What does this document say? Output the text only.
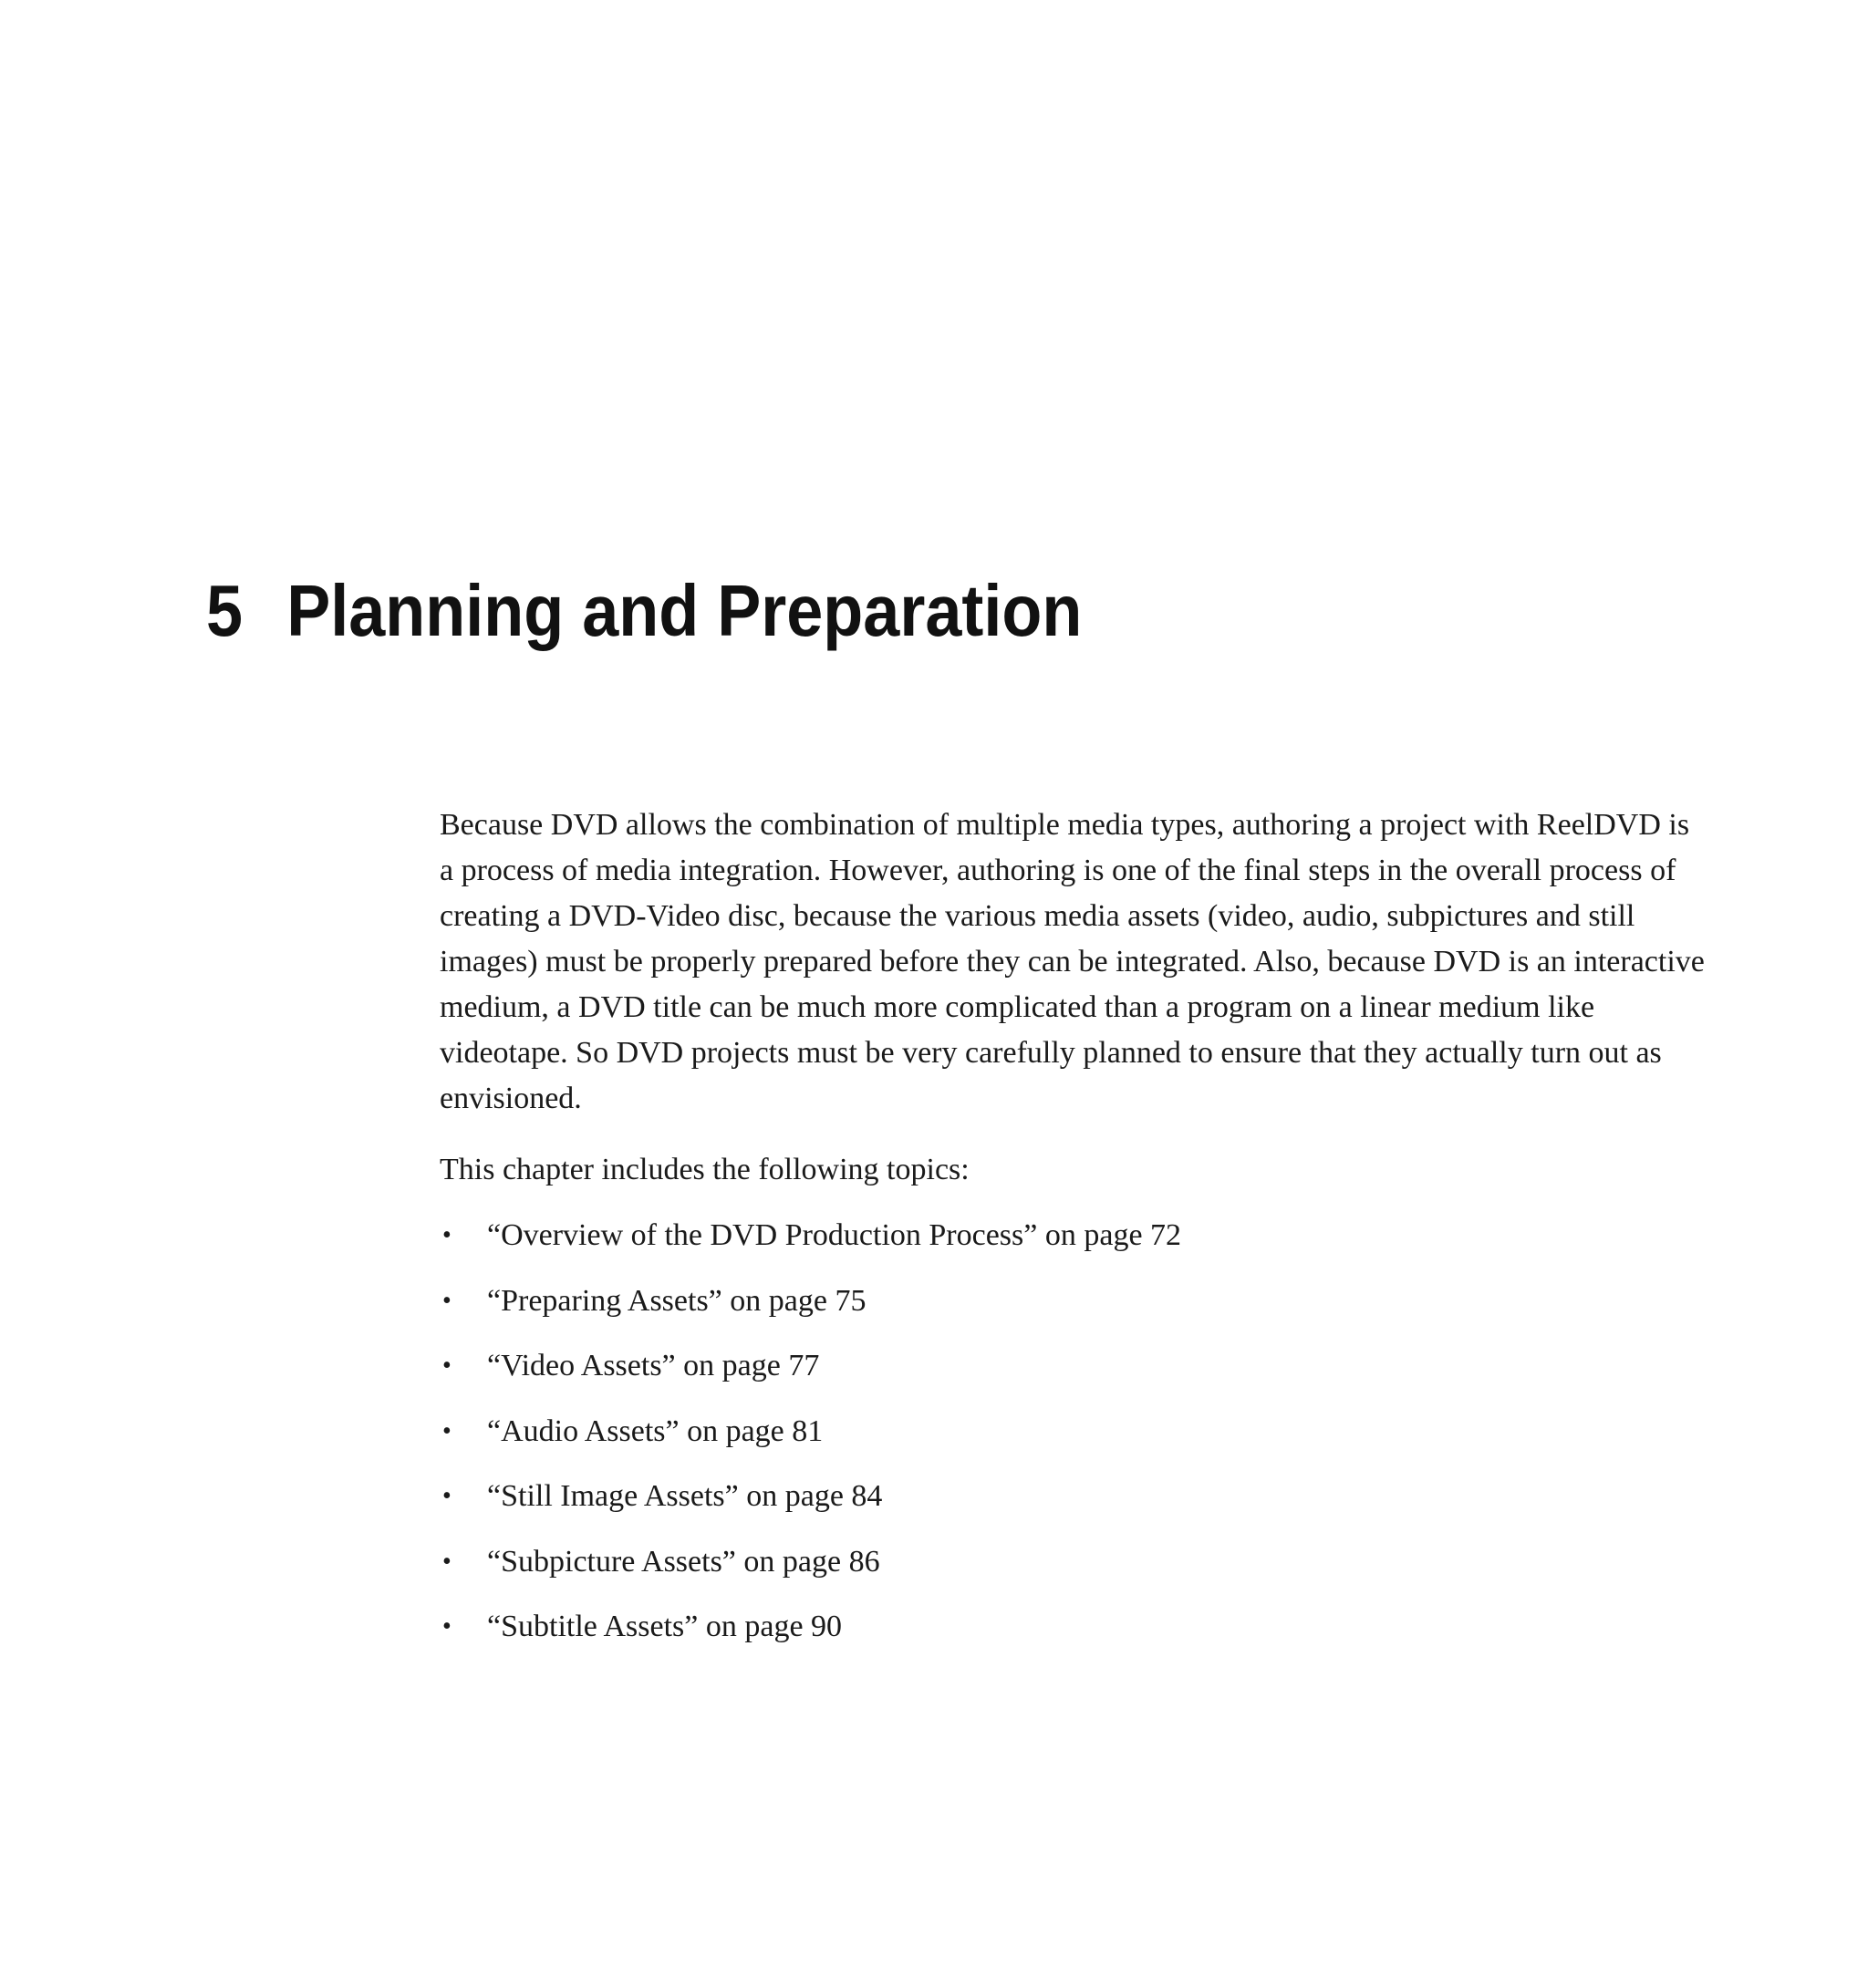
5 Planning and Preparation

Because DVD allows the combination of multiple media types, authoring a project with ReelDVD is a process of media integration. However, authoring is one of the final steps in the overall process of creating a DVD-Video disc, because the various media assets (video, audio, subpictures and still images) must be properly prepared before they can be integrated. Also, because DVD is an interactive medium, a DVD title can be much more complicated than a program on a linear medium like videotape. So DVD projects must be very carefully planned to ensure that they actually turn out as envisioned.

This chapter includes the following topics:

• “Overview of the DVD Production Process” on page 72
• “Preparing Assets” on page 75
• “Video Assets” on page 77
• “Audio Assets” on page 81
• “Still Image Assets” on page 84
• “Subpicture Assets” on page 86
• “Subtitle Assets” on page 90
